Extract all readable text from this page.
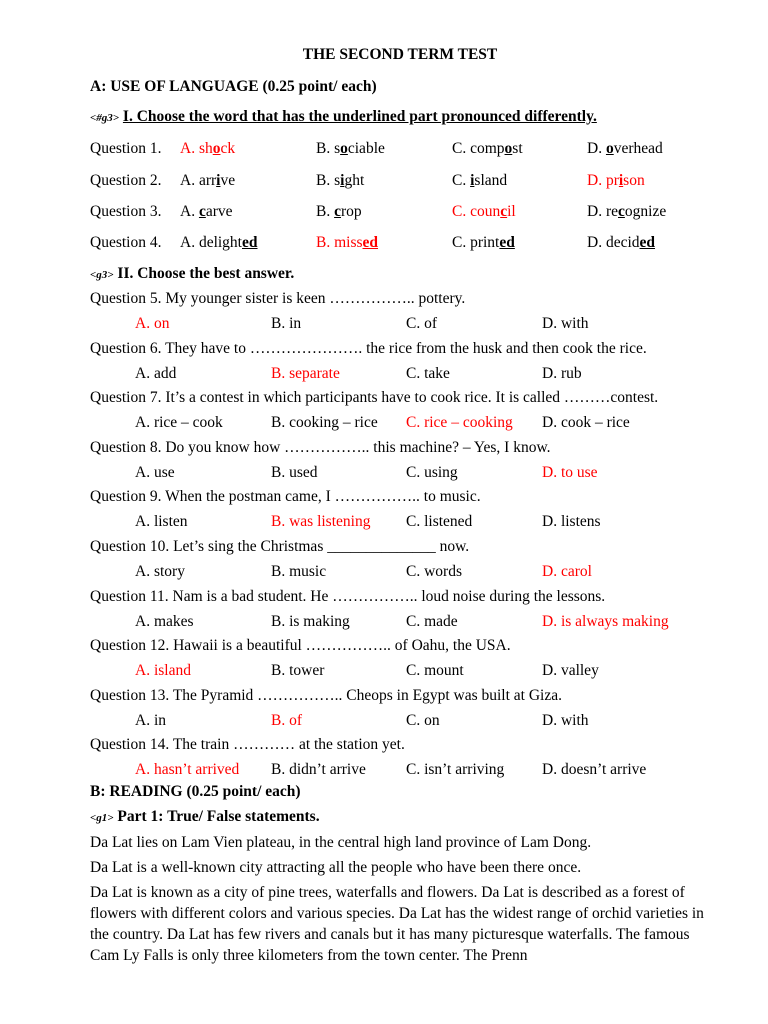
THE SECOND TERM TEST
A: USE OF LANGUAGE (0.25 point/ each)
<#g3> I. Choose the word that has the underlined part pronounced differently.
Question 1. A. shock	B. sociable	C. compost	D. overhead
Question 2. A. arrive	B. sight	C. island	D. prison
Question 3. A. carve	B. crop	C. council	D. recognize
Question 4. A. delighted	B. missed	C. printed	D. decided
<g3> II. Choose the best answer.
Question 5. My younger sister is keen …………….. pottery.
A. on	B. in	C. of	D. with
Question 6. They have to …………………. the rice from the husk and then cook the rice.
A. add	B. separate	C. take	D. rub
Question 7. It’s a contest in which participants have to cook rice. It is called ………contest.
A. rice – cook	B. cooking – rice C. rice – cooking D. cook – rice
Question 8. Do you know how …………….. this machine? – Yes, I know.
A. use	B. used	C. using	D. to use
Question 9. When the postman came, I …………….. to music.
A. listen	B. was listening C. listened	D. listens
Question 10. Let’s sing the Christmas ______________ now.
A. story	B. music	C. words	D. carol
Question 11. Nam is a bad student. He …………….. loud noise during the lessons.
A. makes	B. is making	C. made	D. is always making
Question 12. Hawaii is a beautiful …………….. of Oahu, the USA.
A. island	B. tower	C. mount	D. valley
Question 13. The Pyramid …………….. Cheops in Egypt was built at Giza.
A. in	B. of	C. on	D. with
Question 14. The train ………… at the station yet.
A. hasn’t arrived B. didn’t arrive	C. isn’t arriving D. doesn’t arrive
B: READING (0.25 point/ each)
<g1> Part 1: True/ False statements.
Da Lat lies on Lam Vien plateau, in the central high land province of Lam Dong.
Da Lat is a well-known city attracting all the people who have been there once.
Da Lat is known as a city of pine trees, waterfalls and flowers. Da Lat is described as a forest of flowers with different colors and various species. Da Lat has the widest range of orchid varieties in the country. Da Lat has few rivers and canals but it has many picturesque waterfalls. The famous Cam Ly Falls is only three kilometers from the town center. The Prenn
